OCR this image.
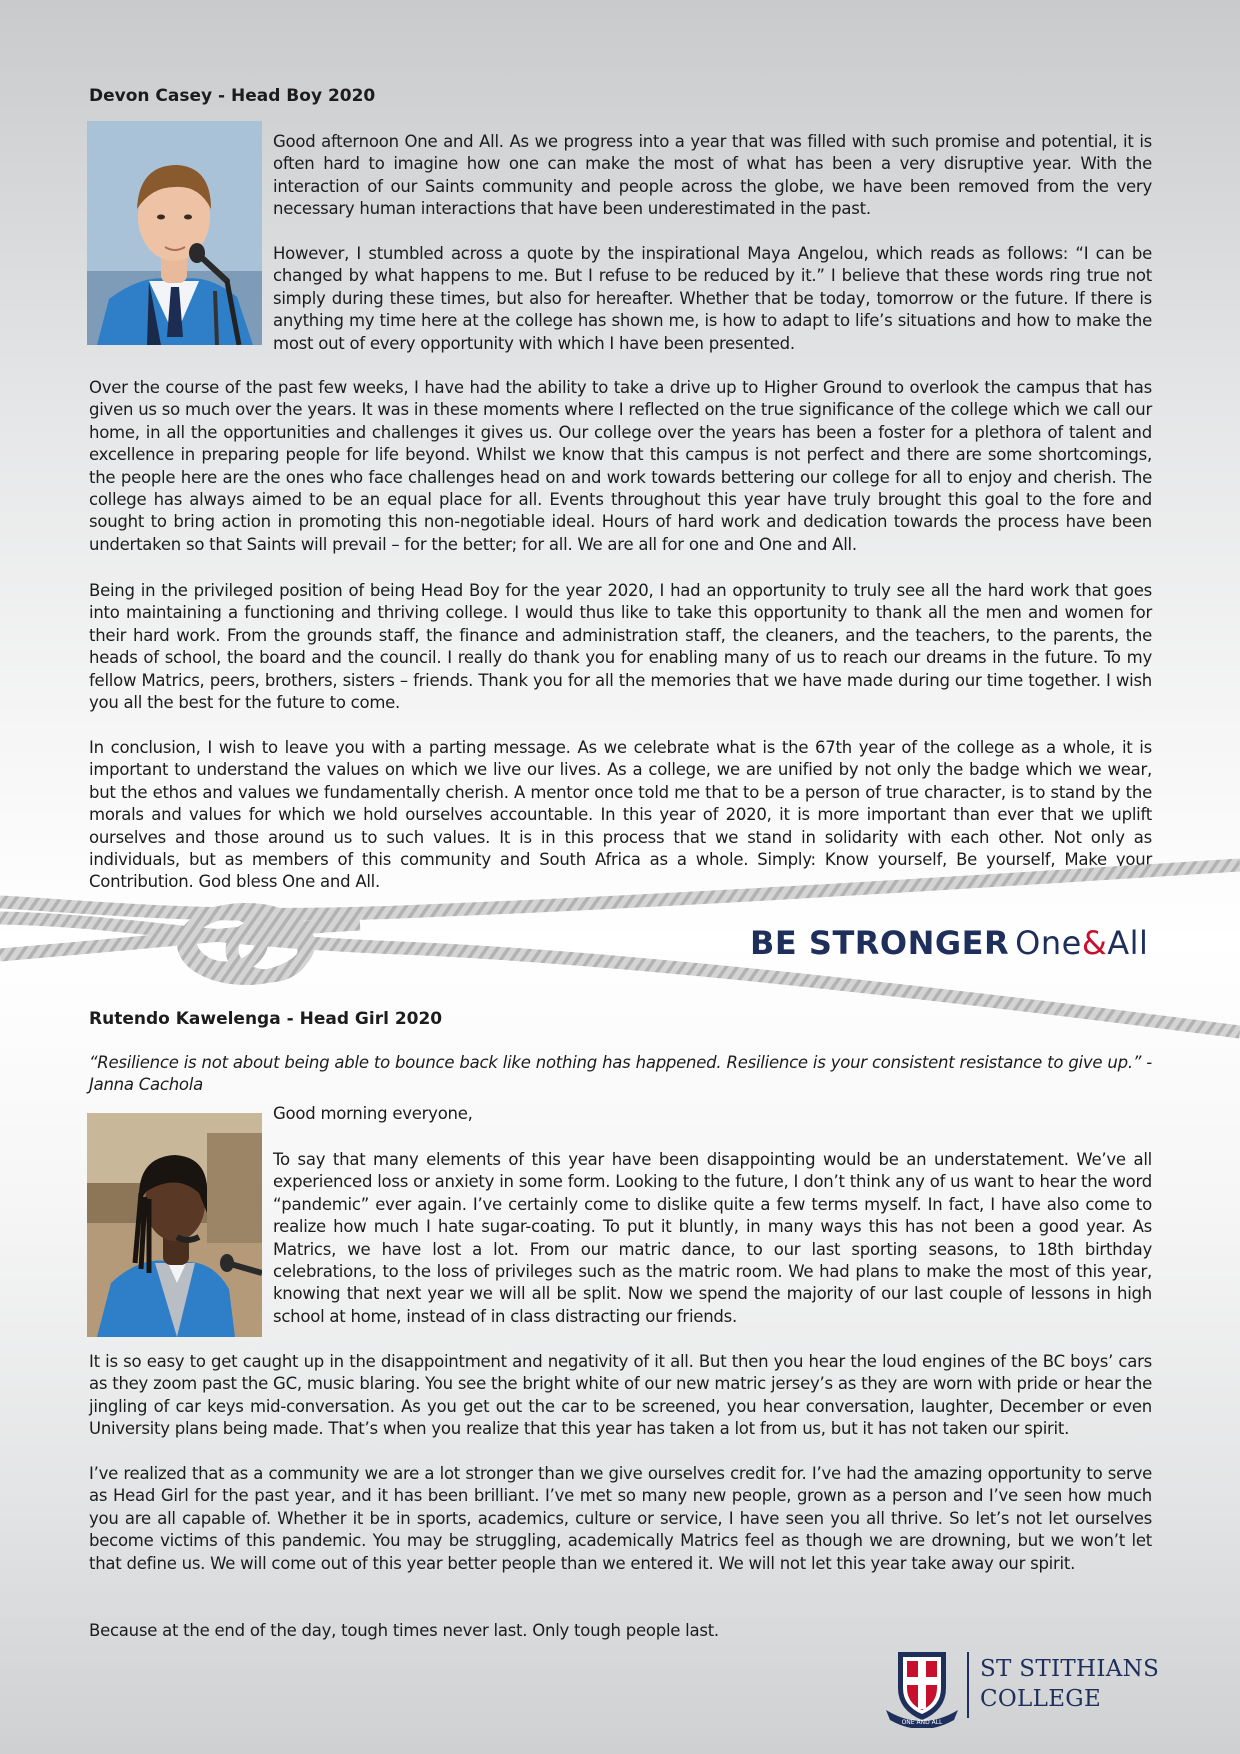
Devon Casey - Head Boy 2020
Good afternoon One and All. As we progress into a year that was filled with such promise and potential, it is often hard to imagine how one can make the most of what has been a very disruptive year. With the interaction of our Saints community and people across the globe, we have been removed from the very necessary human interactions that have been underestimated in the past.
However, I stumbled across a quote by the inspirational Maya Angelou, which reads as follows: “I can be changed by what happens to me. But I refuse to be reduced by it.” I believe that these words ring true not simply during these times, but also for hereafter. Whether that be today, tomorrow or the future. If there is anything my time here at the college has shown me, is how to adapt to life’s situations and how to make the most out of every opportunity with which I have been presented.
Over the course of the past few weeks, I have had the ability to take a drive up to Higher Ground to overlook the campus that has given us so much over the years. It was in these moments where I reflected on the true significance of the college which we call our home, in all the opportunities and challenges it gives us. Our college over the years has been a foster for a plethora of talent and excellence in preparing people for life beyond. Whilst we know that this campus is not perfect and there are some shortcomings, the people here are the ones who face challenges head on and work towards bettering our college for all to enjoy and cherish. The college has always aimed to be an equal place for all. Events throughout this year have truly brought this goal to the fore and sought to bring action in promoting this non-negotiable ideal. Hours of hard work and dedication towards the process have been undertaken so that Saints will prevail – for the better; for all. We are all for one and One and All.
Being in the privileged position of being Head Boy for the year 2020, I had an opportunity to truly see all the hard work that goes into maintaining a functioning and thriving college. I would thus like to take this opportunity to thank all the men and women for their hard work. From the grounds staff, the finance and administration staff, the cleaners, and the teachers, to the parents, the heads of school, the board and the council. I really do thank you for enabling many of us to reach our dreams in the future. To my fellow Matrics, peers, brothers, sisters – friends. Thank you for all the memories that we have made during our time together. I wish you all the best for the future to come.
In conclusion, I wish to leave you with a parting message. As we celebrate what is the 67th year of the college as a whole, it is important to understand the values on which we live our lives. As a college, we are unified by not only the badge which we wear, but the ethos and values we fundamentally cherish. A mentor once told me that to be a person of true character, is to stand by the morals and values for which we hold ourselves accountable. In this year of 2020, it is more important than ever that we uplift ourselves and those around us to such values. It is in this process that we stand in solidarity with each other. Not only as individuals, but as members of this community and South Africa as a whole. Simply: Know yourself, Be yourself, Make your Contribution. God bless One and All.
BE STRONGER One&All
Rutendo Kawelenga - Head Girl 2020
“Resilience is not about being able to bounce back like nothing has happened. Resilience is your consistent resistance to give up.” - Janna Cachola
Good morning everyone,
To say that many elements of this year have been disappointing would be an understatement. We’ve all experienced loss or anxiety in some form. Looking to the future, I don’t think any of us want to hear the word “pandemic” ever again. I’ve certainly come to dislike quite a few terms myself. In fact, I have also come to realize how much I hate sugar-coating. To put it bluntly, in many ways this has not been a good year. As Matrics, we have lost a lot. From our matric dance, to our last sporting seasons, to 18th birthday celebrations, to the loss of privileges such as the matric room. We had plans to make the most of this year, knowing that next year we will all be split. Now we spend the majority of our last couple of lessons in high school at home, instead of in class distracting our friends.
It is so easy to get caught up in the disappointment and negativity of it all. But then you hear the loud engines of the BC boys’ cars as they zoom past the GC, music blaring. You see the bright white of our new matric jersey’s as they are worn with pride or hear the jingling of car keys mid-conversation. As you get out the car to be screened, you hear conversation, laughter, December or even University plans being made. That’s when you realize that this year has taken a lot from us, but it has not taken our spirit.
I’ve realized that as a community we are a lot stronger than we give ourselves credit for. I’ve had the amazing opportunity to serve as Head Girl for the past year, and it has been brilliant. I’ve met so many new people, grown as a person and I’ve seen how much you are all capable of. Whether it be in sports, academics, culture or service, I have seen you all thrive. So let’s not let ourselves become victims of this pandemic. You may be struggling, academically Matrics feel as though we are drowning, but we won’t let that define us. We will come out of this year better people than we entered it. We will not let this year take away our spirit.
Because at the end of the day, tough times never last. Only tough people last.
ONE AND ALL
ST STITHIANS
COLLEGE
